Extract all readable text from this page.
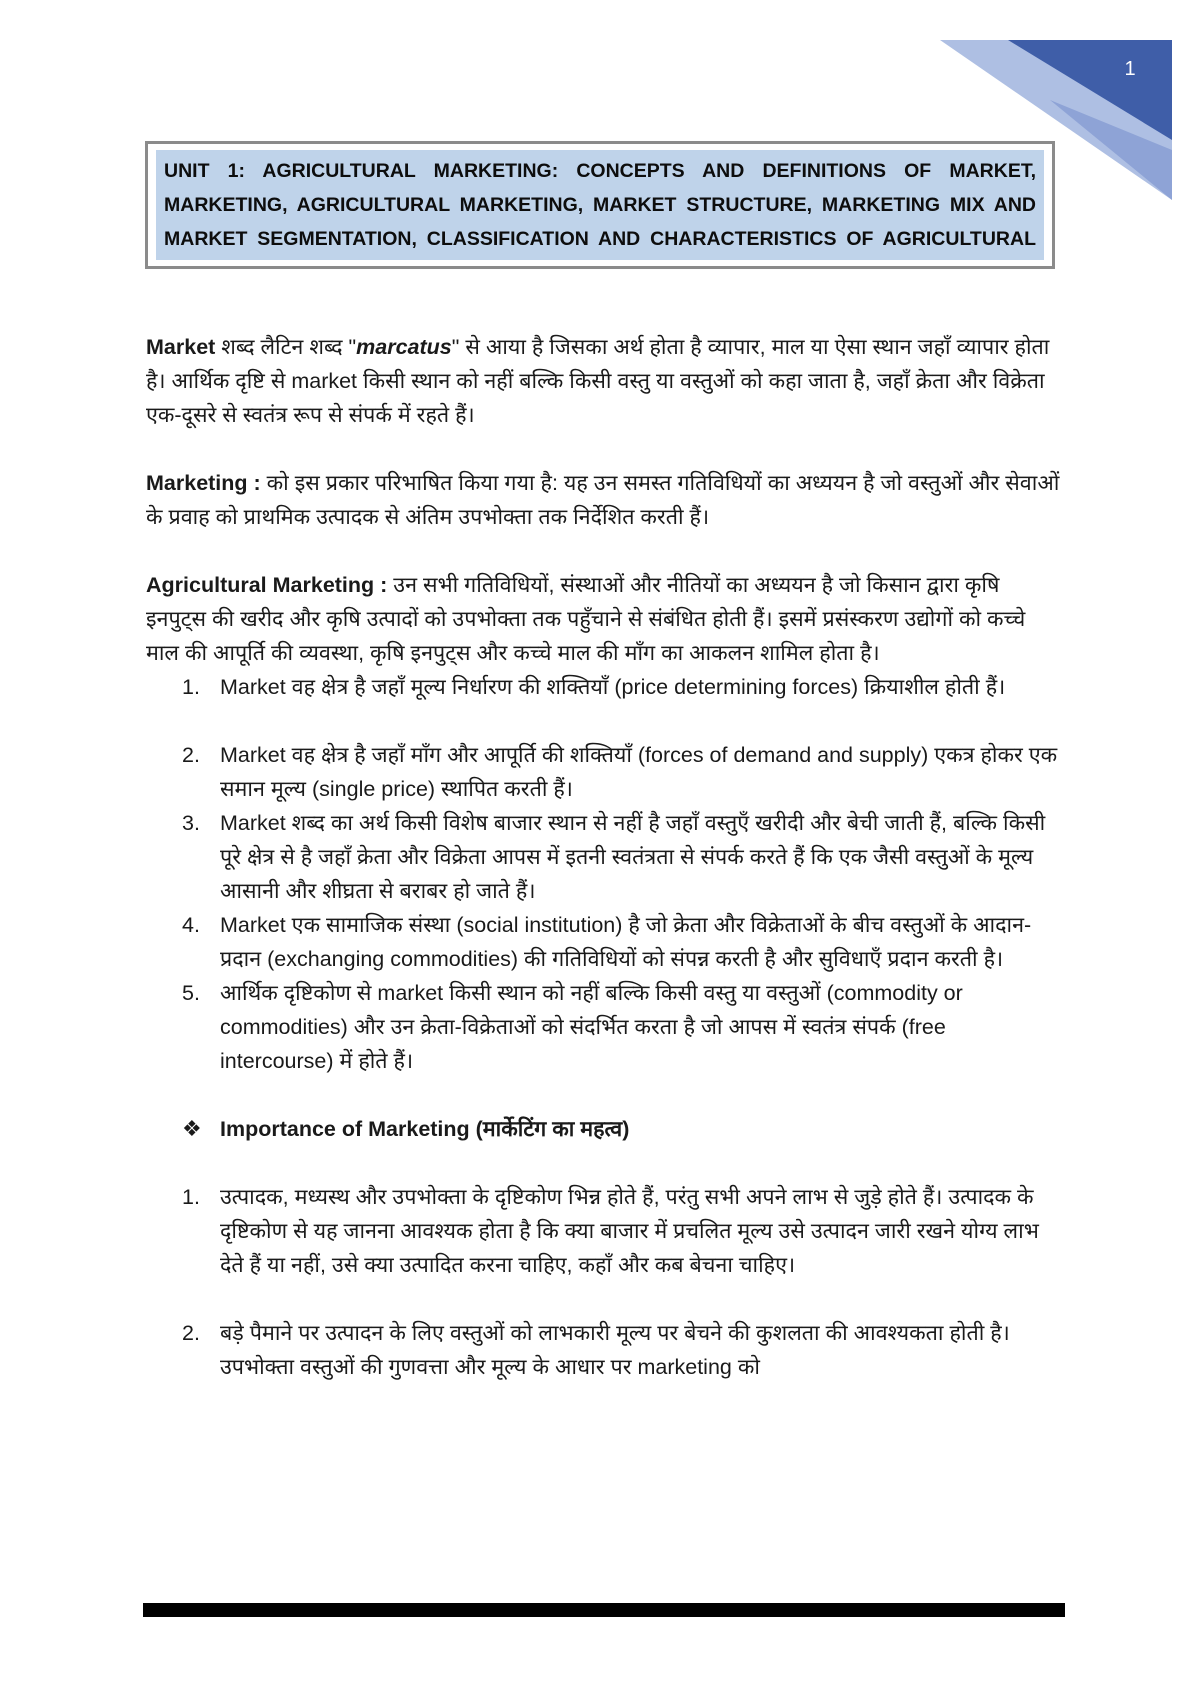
1
UNIT 1: AGRICULTURAL MARKETING: CONCEPTS AND DEFINITIONS OF MARKET, MARKETING, AGRICULTURAL MARKETING, MARKET STRUCTURE, MARKETING MIX AND MARKET SEGMENTATION, CLASSIFICATION AND CHARACTERISTICS OF AGRICULTURAL

Market शब्द लैटिन शब्द "marcatus" से आया है जिसका अर्थ होता है व्यापार, माल या ऐसा स्थान जहाँ व्यापार होता है। आर्थिक दृष्टि से market किसी स्थान को नहीं बल्कि किसी वस्तु या वस्तुओं को कहा जाता है, जहाँ क्रेता और विक्रेता एक-दूसरे से स्वतंत्र रूप से संपर्क में रहते हैं।

Marketing : को इस प्रकार परिभाषित किया गया है: यह उन समस्त गतिविधियों का अध्ययन है जो वस्तुओं और सेवाओं के प्रवाह को प्राथमिक उत्पादक से अंतिम उपभोक्ता तक निर्देशित करती हैं।

Agricultural Marketing : उन सभी गतिविधियों, संस्थाओं और नीतियों का अध्ययन है जो किसान द्वारा कृषि इनपुट्स की खरीद और कृषि उत्पादों को उपभोक्ता तक पहुँचाने से संबंधित होती हैं। इसमें प्रसंस्करण उद्योगों को कच्चे माल की आपूर्ति की व्यवस्था, कृषि इनपुट्स और कच्चे माल की माँग का आकलन शामिल होता है।

1. Market वह क्षेत्र है जहाँ मूल्य निर्धारण की शक्तियाँ (price determining forces) क्रियाशील होती हैं।
2. Market वह क्षेत्र है जहाँ माँग और आपूर्ति की शक्तियाँ (forces of demand and supply) एकत्र होकर एक समान मूल्य (single price) स्थापित करती हैं।
3. Market शब्द का अर्थ किसी विशेष बाजार स्थान से नहीं है जहाँ वस्तुएँ खरीदी और बेची जाती हैं, बल्कि किसी पूरे क्षेत्र से है जहाँ क्रेता और विक्रेता आपस में इतनी स्वतंत्रता से संपर्क करते हैं कि एक जैसी वस्तुओं के मूल्य आसानी और शीघ्रता से बराबर हो जाते हैं।
4. Market एक सामाजिक संस्था (social institution) है जो क्रेता और विक्रेताओं के बीच वस्तुओं के आदान-प्रदान (exchanging commodities) की गतिविधियों को संपन्न करती है और सुविधाएँ प्रदान करती है।
5. आर्थिक दृष्टिकोण से market किसी स्थान को नहीं बल्कि किसी वस्तु या वस्तुओं (commodity or commodities) और उन क्रेता-विक्रेताओं को संदर्भित करता है जो आपस में स्वतंत्र संपर्क (free intercourse) में होते हैं।
❖ Importance of Marketing (मार्केटिंग का महत्व)
1. उत्पादक, मध्यस्थ और उपभोक्ता के दृष्टिकोण भिन्न होते हैं, परंतु सभी अपने लाभ से जुड़े होते हैं। उत्पादक के दृष्टिकोण से यह जानना आवश्यक होता है कि क्या बाजार में प्रचलित मूल्य उसे उत्पादन जारी रखने योग्य लाभ देते हैं या नहीं, उसे क्या उत्पादित करना चाहिए, कहाँ और कब बेचना चाहिए।
2. बड़े पैमाने पर उत्पादन के लिए वस्तुओं को लाभकारी मूल्य पर बेचने की कुशलता की आवश्यकता होती है। उपभोक्ता वस्तुओं की गुणवत्ता और मूल्य के आधार पर marketing को
